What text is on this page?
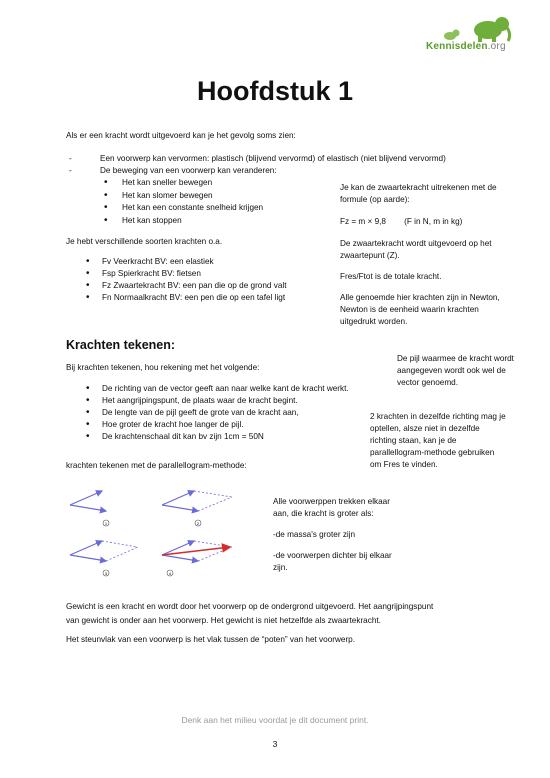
Kennisdelen.org
Hoofdstuk 1
Als er een kracht wordt uitgevoerd kan je het gevolg soms zien:
- Een voorwerp kan vervormen: plastisch (blijvend vervormd) of elastisch (niet blijvend vervormd)
- De beweging van een voorwerp kan veranderen:
• Het kan sneller bewegen
• Het kan slomer bewegen
• Het kan een constante snelheid krijgen
• Het kan stoppen
Je kan de zwaartekracht uitrekenen met de
formule (op aarde):
Fz = m × 9,8        (F in N, m in kg)
De zwaartekracht wordt uitgevoerd op het
zwaartepunt (Z).
Fres/Ftot is de totale kracht.
Alle genoemde hier krachten zijn in Newton,
Newton is de eenheid waarin krachten
uitgedrukt worden.
Je hebt verschillende soorten krachten o.a.
• Fv Veerkracht BV: een elastiek
• Fsp Spierkracht BV: fietsen
• Fz Zwaartekracht BV: een pan die op de grond valt
• Fn Normaalkracht BV: een pen die op een tafel ligt
Krachten tekenen:
De pijl waarmee de kracht wordt
aangegeven wordt ook wel de
vector genoemd.
Bij krachten tekenen, hou rekening met het volgende:
• De richting van de vector geeft aan naar welke kant de kracht werkt.
• Het aangrijpingspunt, de plaats waar de kracht begint.
• De lengte van de pijl geeft de grote van de kracht aan,
• Hoe groter de kracht hoe langer de pijl.
• De krachtenschaal dit kan bv zijn 1cm = 50N
2 krachten in dezelfde richting mag je
optellen, alsze niet in dezelfde
richting staan, kan je de
parallellogram-methode gebruiken
om Fres te vinden.
krachten tekenen met de parallellogram-methode:
1	2
3	4
Alle voorwerppen trekken elkaar
aan, die kracht is groter als:
-de massa's groter zijn
-de voorwerpen dichter bij elkaar
zijn.
Gewicht is een kracht en wordt door het voorwerp op de ondergrond uitgevoerd. Het aangrijpingspunt
van gewicht is onder aan het voorwerp. Het gewicht is niet hetzelfde als zwaartekracht.
Het steunvlak van een voorwerp is het vlak tussen de “poten” van het voorwerp.
Denk aan het milieu voordat je dit document print.
3
